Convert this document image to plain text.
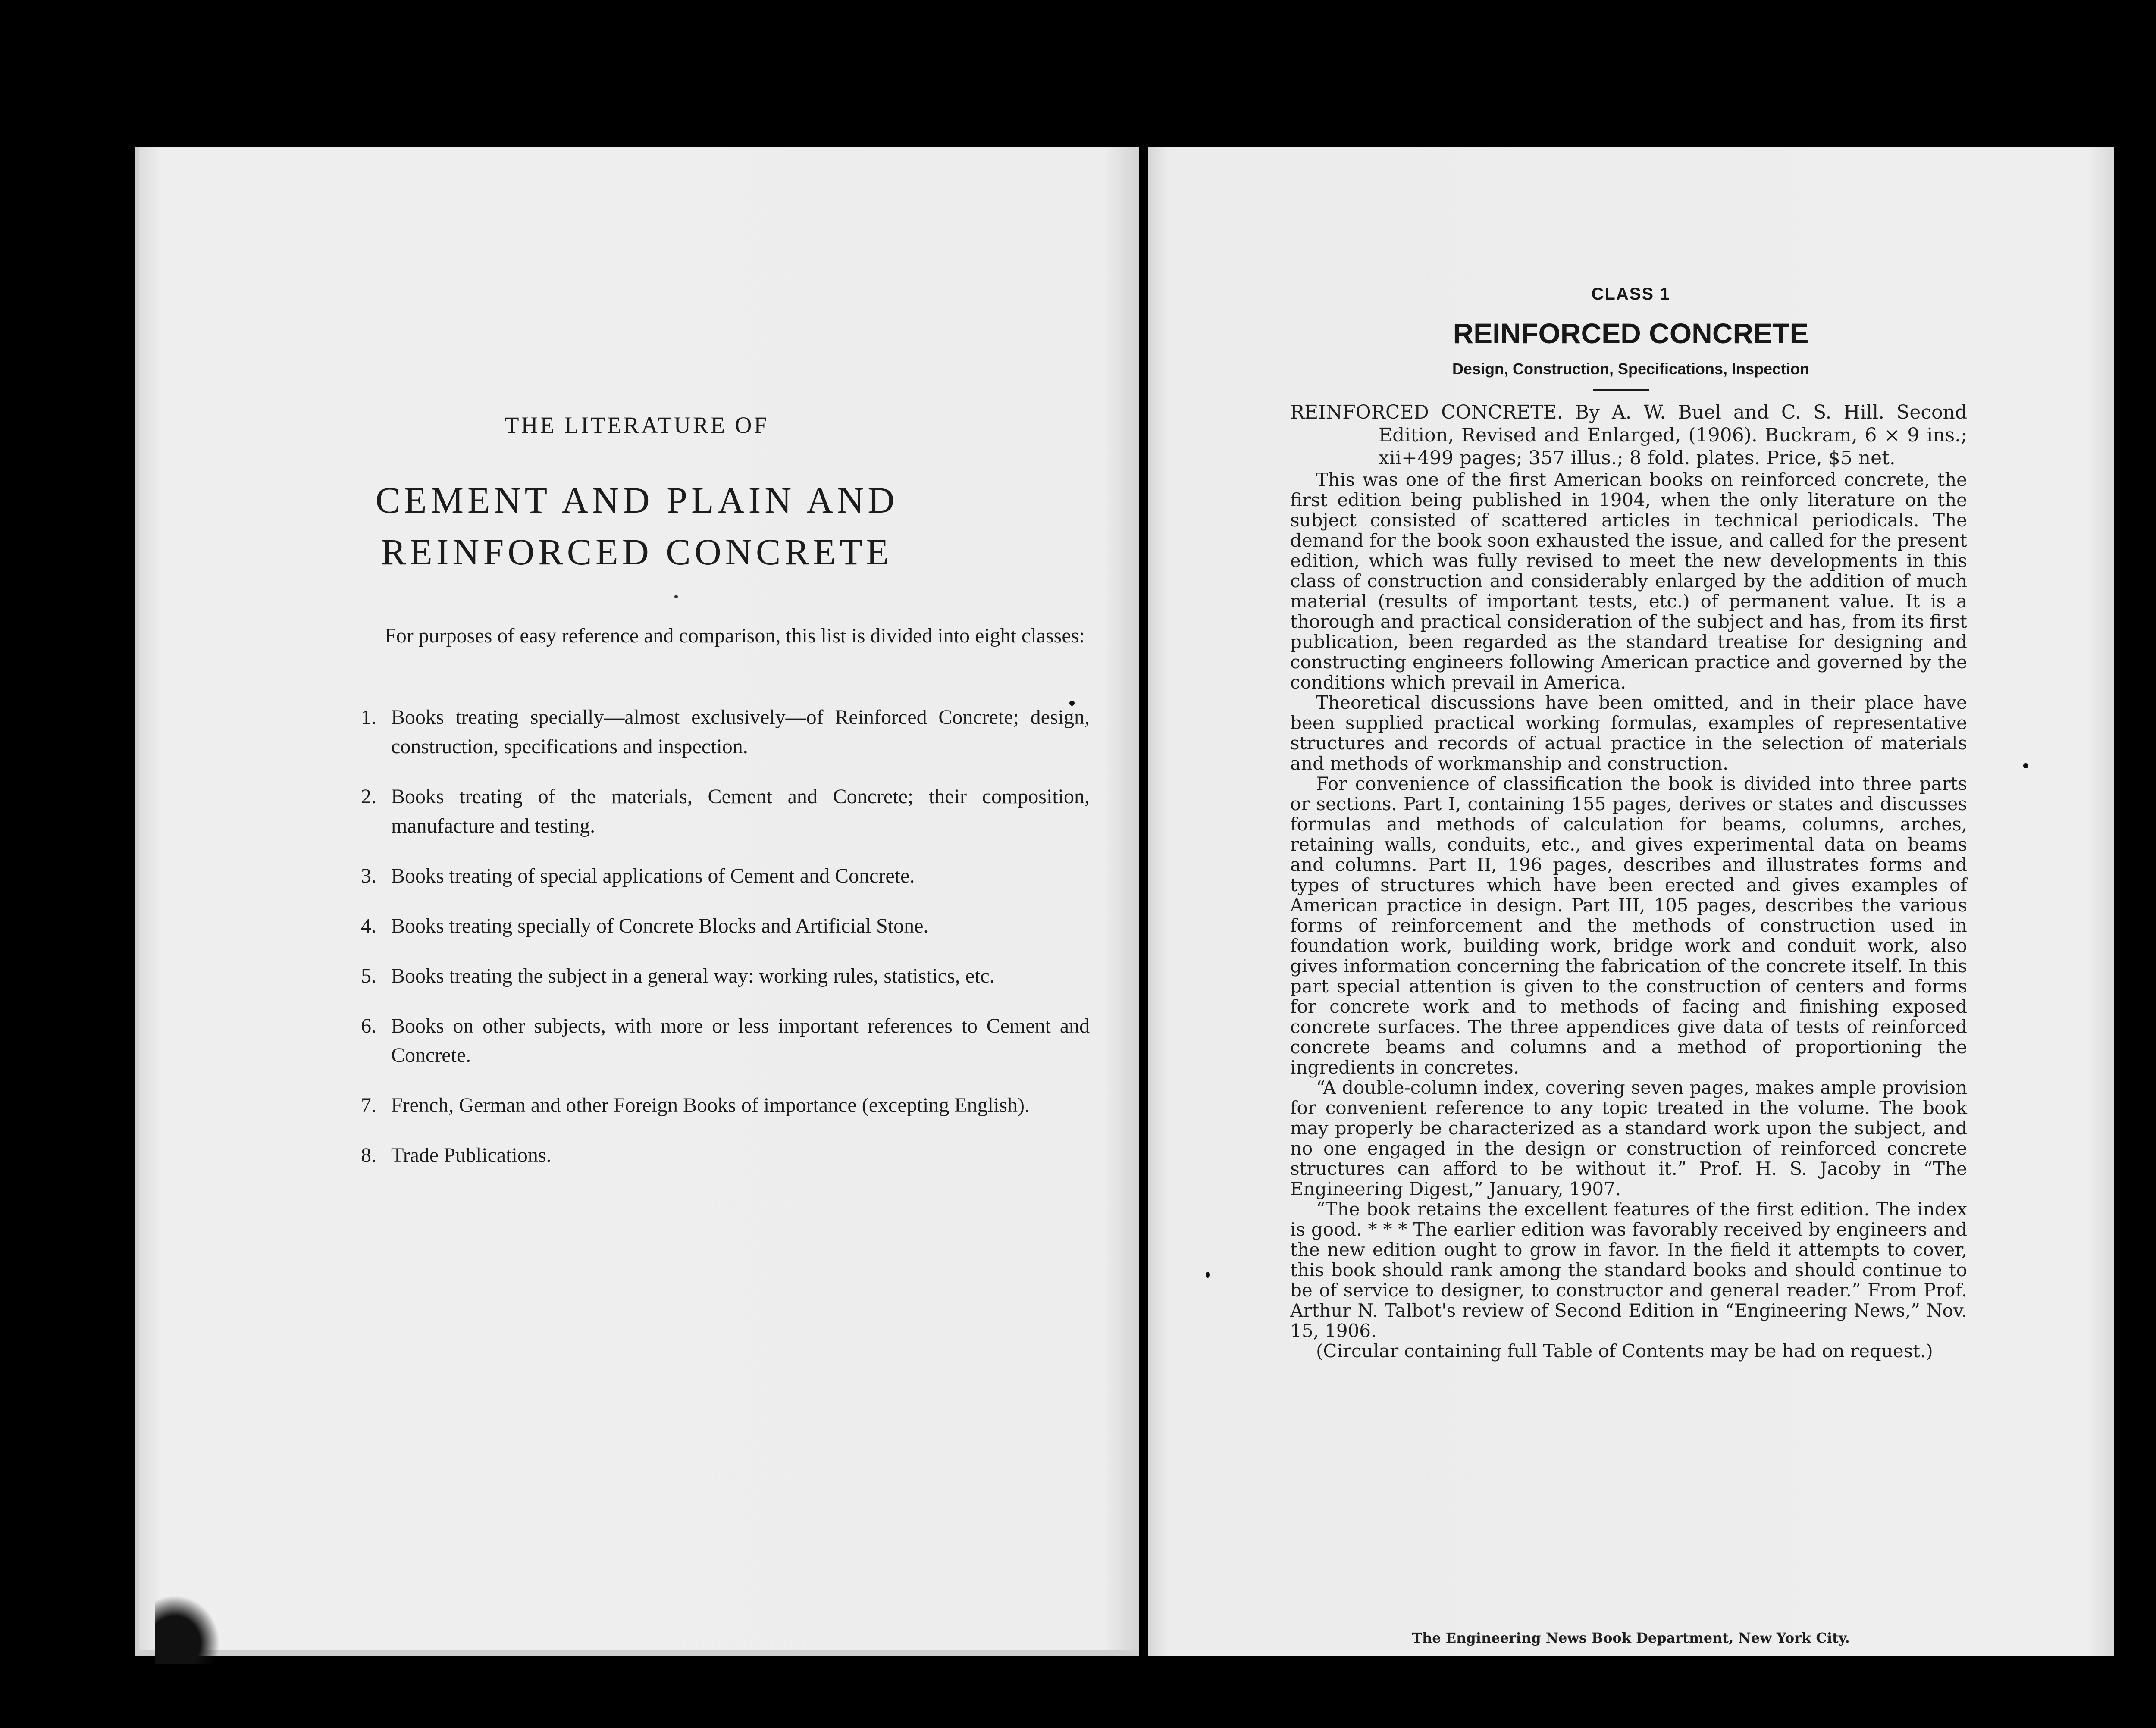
THE LITERATURE OF
CEMENT AND PLAIN AND
REINFORCED CONCRETE
For purposes of easy reference and comparison, this list is divided into eight classes:
1. Books treating specially—almost exclusively—of Reinforced Concrete; design, construction, specifications and inspection.
2. Books treating of the materials, Cement and Concrete; their composition, manufacture and testing.
3. Books treating of special applications of Cement and Concrete.
4. Books treating specially of Concrete Blocks and Artificial Stone.
5. Books treating the subject in a general way: working rules, statistics, etc.
6. Books on other subjects, with more or less important references to Cement and Concrete.
7. French, German and other Foreign Books of importance (excepting English).
8. Trade Publications.
CLASS 1
REINFORCED CONCRETE
Design, Construction, Specifications, Inspection
REINFORCED CONCRETE. By A. W. Buel and C. S. Hill. Second Edition, Revised and Enlarged, (1906). Buckram, 6 × 9 ins.; xii+499 pages; 357 illus.; 8 fold. plates. Price, $5 net.

This was one of the first American books on reinforced concrete, the first edition being published in 1904, when the only literature on the subject consisted of scattered articles in technical periodicals. The demand for the book soon exhausted the issue, and called for the present edition, which was fully revised to meet the new developments in this class of construction and considerably enlarged by the addition of much material (results of important tests, etc.) of permanent value. It is a thorough and practical consideration of the subject and has, from its first publication, been regarded as the standard treatise for designing and constructing engineers following American practice and governed by the conditions which prevail in America.

Theoretical discussions have been omitted, and in their place have been supplied practical working formulas, examples of representative structures and records of actual practice in the selection of materials and methods of workmanship and construction.

For convenience of classification the book is divided into three parts or sections. Part I, containing 155 pages, derives or states and discusses formulas and methods of calculation for beams, columns, arches, retaining walls, conduits, etc., and gives experimental data on beams and columns. Part II, 196 pages, describes and illustrates forms and types of structures which have been erected and gives examples of American practice in design. Part III, 105 pages, describes the various forms of reinforcement and the methods of construction used in foundation work, building work, bridge work and conduit work, also gives information concerning the fabrication of the concrete itself. In this part special attention is given to the construction of centers and forms for concrete work and to methods of facing and finishing exposed concrete surfaces. The three appendices give data of tests of reinforced concrete beams and columns and a method of proportioning the ingredients in concretes.

“A double-column index, covering seven pages, makes ample provision for convenient reference to any topic treated in the volume. The book may properly be characterized as a standard work upon the subject, and no one engaged in the design or construction of reinforced concrete structures can afford to be without it.” Prof. H. S. Jacoby in “The Engineering Digest,” January, 1907.

“The book retains the excellent features of the first edition. The index is good. * * * The earlier edition was favorably received by engineers and the new edition ought to grow in favor. In the field it attempts to cover, this book should rank among the standard books and should continue to be of service to designer, to constructor and general reader.” From Prof. Arthur N. Talbot's review of Second Edition in “Engineering News,” Nov. 15, 1906.

(Circular containing full Table of Contents may be had on request.)

The Engineering News Book Department, New York City.
